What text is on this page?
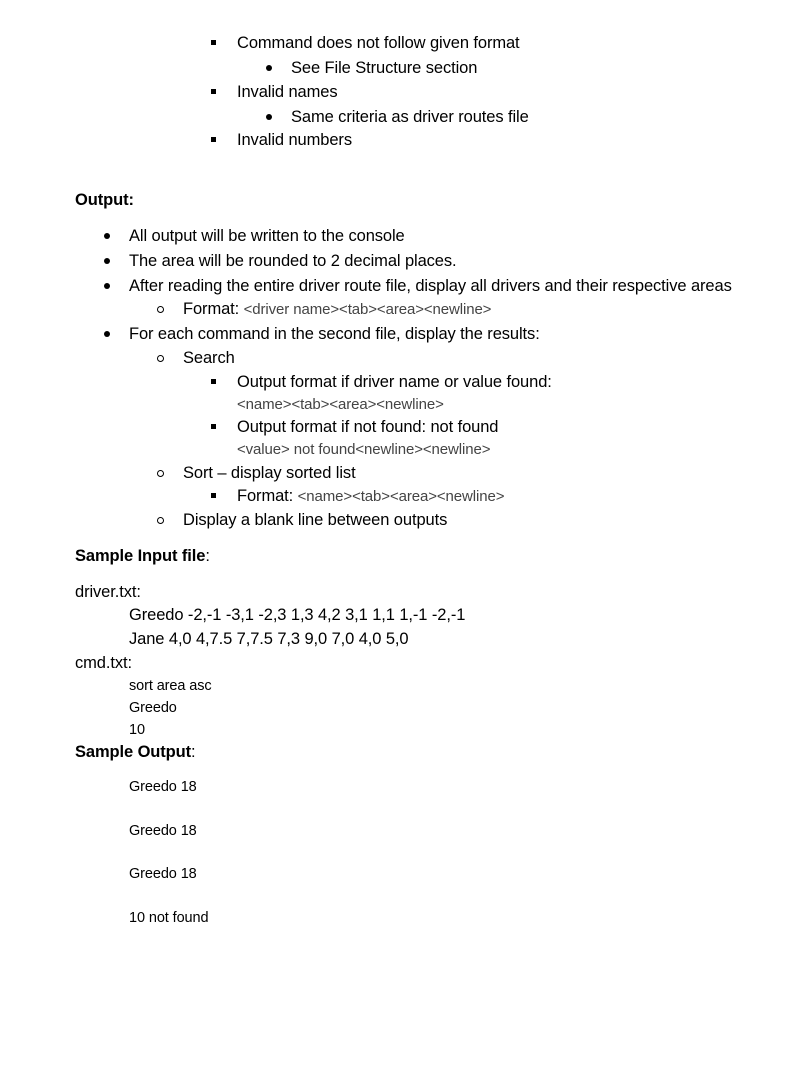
Command does not follow given format
See File Structure section
Invalid names
Same criteria as driver routes file
Invalid numbers
Output:
All output will be written to the console
The area will be rounded to 2 decimal places.
After reading the entire driver route file, display all drivers and their respective areas
Format: <driver name><tab><area><newline>
For each command in the second file, display the results:
Search
Output format if driver name or value found:
<name><tab><area><newline>
Output format if not found: not found
<value> not found<newline><newline>
Sort – display sorted list
Format: <name><tab><area><newline>
Display a blank line between outputs
Sample Input file:
driver.txt:
Greedo -2,-1 -3,1 -2,3 1,3 4,2 3,1 1,1 1,-1 -2,-1
Jane 4,0 4,7.5 7,7.5 7,3 9,0 7,0 4,0 5,0
cmd.txt:
sort area asc
Greedo
10
Sample Output:
Greedo 18
Greedo 18
Greedo 18
10 not found
